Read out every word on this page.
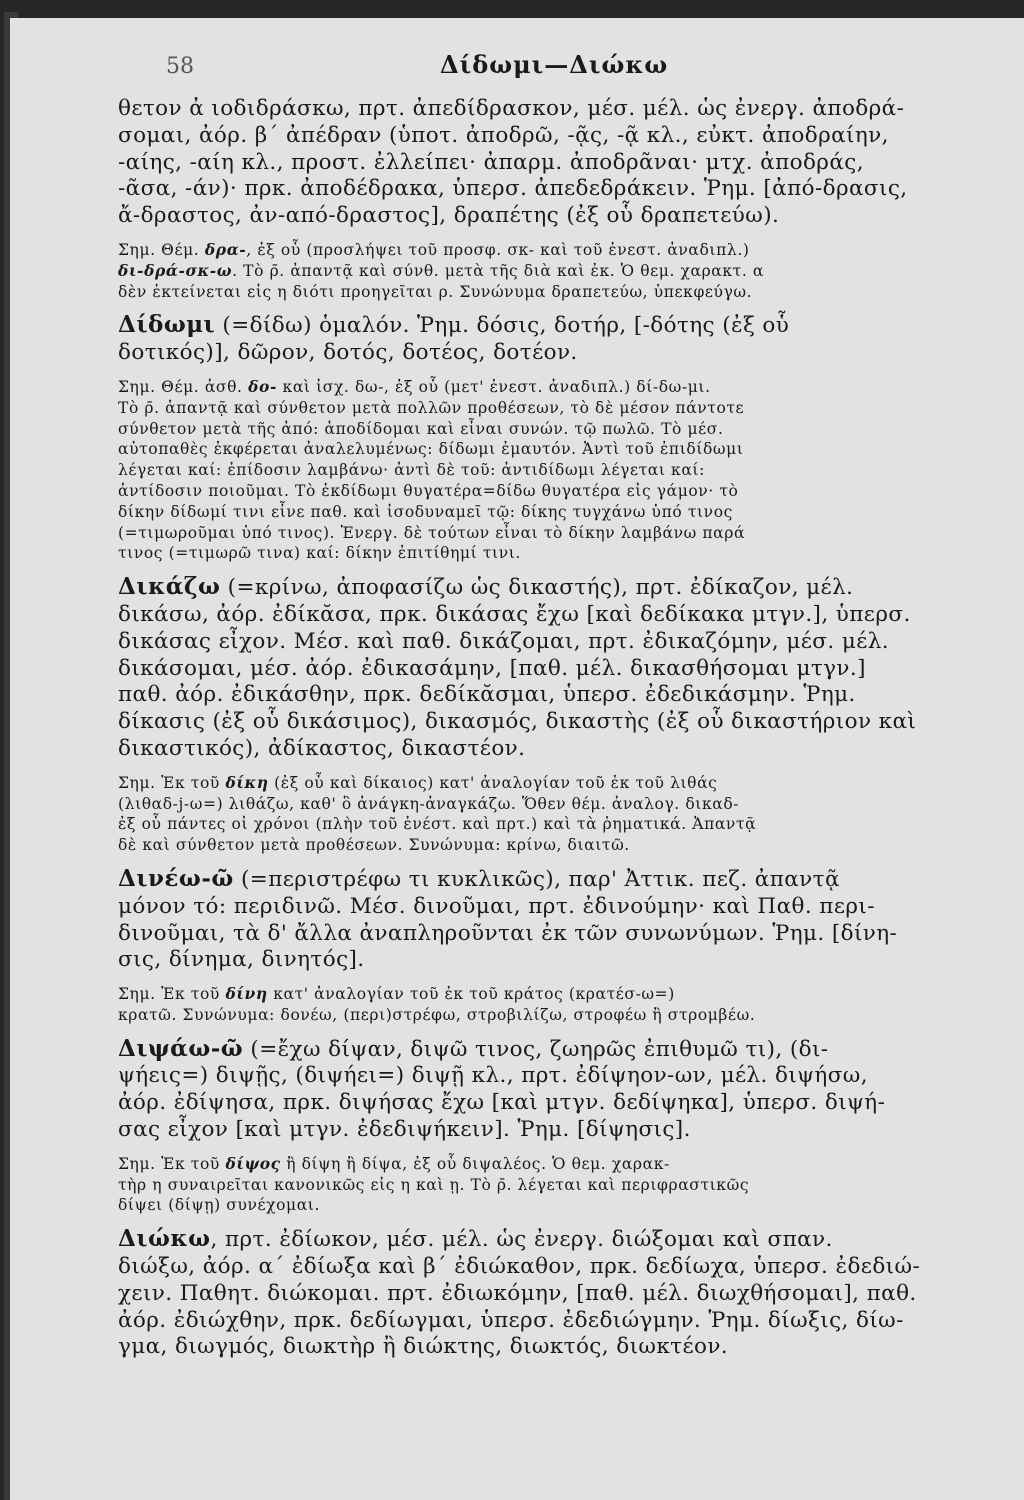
58	Δίδωμι—Διώκω
θετον ἀ ιοδιδράσκω, πρτ. ἀπεδίδρασκον, μέσ. μέλ. ὡς ἐνεργ. ἀποδρά-
σομαι, ἀόρ. β΄ ἀπέδραν (ὑποτ. ἀποδρῶ, -ᾷς, -ᾷ κλ., εὐκτ. ἀποδραίην,
-αίης, -αίη κλ., προστ. ἐλλείπει· ἀπαρμ. ἀποδρᾶναι· μτχ. ἀποδράς,
-ᾶσα, -άν)· πρκ. ἀποδέδρακα, ὑπερσ. ἀπεδεδράκειν. Ῥημ. [ἀπό-δρασις,
ἄ-δραστος, ἀν-από-δραστος], δραπέτης (ἐξ οὗ δραπετεύω).
Σημ. Θέμ. δρα-, ἐξ οὗ (προσλήψει τοῦ προσφ. σκ- καὶ τοῦ ἐνεστ. ἀναδιπλ.)
δι-δρά-σκ-ω. Τὸ ρ̄. ἀπαντᾷ καὶ σύνθ. μετὰ τῆς διὰ καὶ ἐκ. Ὁ θεμ. χαρακτ. α
δὲν ἐκτείνεται εἰς η διότι προηγεῖται ρ. Συνώνυμα δραπετεύω, ὑπεκφεύγω.
Δίδωμι (=δίδω) ὁμαλόν. Ῥημ. δόσις, δοτήρ, [-δότης (ἐξ οὗ
δοτικός)], δῶρον, δοτός, δοτέος, δοτέον.
Σημ. Θέμ. ἀσθ. δο- καὶ ἰσχ. δω-, ἐξ οὗ (μετ' ἐνεστ. ἀναδιπλ.) δί-δω-μι.
Τὸ ρ̄. ἀπαντᾷ καὶ σύνθετον μετὰ πολλῶν προθέσεων, τὸ δὲ μέσον πάντοτε
σύνθετον μετὰ τῆς ἀπό: ἀποδίδομαι καὶ εἶναι συνών. τῷ πωλῶ. Τὸ μέσ.
αὐτοπαθὲς ἐκφέρεται ἀναλελυμένως: δίδωμι ἐμαυτόν. Ἀντὶ τοῦ ἐπιδίδωμι
λέγεται καί: ἐπίδοσιν λαμβάνω· ἀντὶ δὲ τοῦ: ἀντιδίδωμι λέγεται καί:
ἀντίδοσιν ποιοῦμαι. Τὸ ἐκδίδωμι θυγατέρα=δίδω θυγατέρα εἰς γάμον· τὸ
δίκην δίδωμί τινι εἶνε παθ. καὶ ἰσοδυναμεῖ τῷ: δίκης τυγχάνω ὑπό τινος
(=τιμωροῦμαι ὑπό τινος). Ἐνεργ. δὲ τούτων εἶναι τὸ δίκην λαμβάνω παρά
τινος (=τιμωρῶ τινα) καί: δίκην ἐπιτίθημί τινι.
Δικάζω (=κρίνω, ἀποφασίζω ὡς δικαστής), πρτ. ἐδίκαζον, μέλ.
δικάσω, ἀόρ. ἐδίκᾰσα, πρκ. δικάσας ἔχω [καὶ δεδίκακα μτγν.], ὑπερσ.
δικάσας εἶχον. Μέσ. καὶ παθ. δικάζομαι, πρτ. ἐδικαζόμην, μέσ. μέλ.
δικάσομαι, μέσ. ἀόρ. ἐδικασάμην, [παθ. μέλ. δικασθήσομαι μτγν.]
παθ. ἀόρ. ἐδικάσθην, πρκ. δεδίκᾰσμαι, ὑπερσ. ἐδεδικάσμην. Ῥημ.
δίκασις (ἐξ οὗ δικάσιμος), δικασμός, δικαστὴς (ἐξ οὗ δικαστήριον καὶ
δικαστικός), ἀδίκαστος, δικαστέον.
Σημ. Ἐκ τοῦ δίκη (ἐξ οὗ καὶ δίκαιος) κατ' ἀναλογίαν τοῦ ἐκ τοῦ λιθάς
(λιθαδ-j-ω=) λιθάζω, καθ' ὃ ἀνάγκη-ἀναγκάζω. Ὅθεν θέμ. ἀναλογ. δικαδ-
ἐξ οὗ πάντες οἱ χρόνοι (πλὴν τοῦ ἐνέστ. καὶ πρτ.) καὶ τὰ ῥηματικά. Ἀπαντᾷ
δὲ καὶ σύνθετον μετὰ προθέσεων. Συνώνυμα: κρίνω, διαιτῶ.
Δινέω-ῶ (=περιστρέφω τι κυκλικῶς), παρ' Ἀττικ. πεζ. ἀπαντᾷ
μόνον τό: περιδινῶ. Μέσ. δινοῦμαι, πρτ. ἐδινούμην· καὶ Παθ. περι-
δινοῦμαι, τὰ δ' ἄλλα ἀναπληροῦνται ἐκ τῶν συνωνύμων. Ῥημ. [δίνη-
σις, δίνημα, δινητός].
Σημ. Ἐκ τοῦ δίνη κατ' ἀναλογίαν τοῦ ἐκ τοῦ κράτος (κρατέσ-ω=)
κρατῶ. Συνώνυμα: δονέω, (περι)στρέφω, στροβιλίζω, στροφέω ἢ στρομβέω.
Διψάω-ῶ (=ἔχω δίψαν, διψῶ τινος, ζωηρῶς ἐπιθυμῶ τι), (δι-
ψήεις=) διψῇς, (διψήει=) διψῇ κλ., πρτ. ἐδίψηον-ων, μέλ. διψήσω,
ἀόρ. ἐδίψησα, πρκ. διψήσας ἔχω [καὶ μτγν. δεδίψηκα], ὑπερσ. διψή-
σας εἶχον [καὶ μτγν. ἐδεδιψήκειν]. Ῥημ. [δίψησις].
Σημ. Ἐκ τοῦ δίψος ἢ δίψη ἢ δίψα, ἐξ οὗ διψαλέος. Ὁ θεμ. χαρακ-
τὴρ η συναιρεῖται κανονικῶς εἰς η καὶ ῃ. Τὸ ρ̄. λέγεται καὶ περιφραστικῶς
δίψει (δίψῃ) συνέχομαι.
Διώκω, πρτ. ἐδίωκον, μέσ. μέλ. ὡς ἐνεργ. διώξομαι καὶ σπαν.
διώξω, ἀόρ. α΄ ἐδίωξα καὶ β΄ ἐδιώκαθον, πρκ. δεδίωχα, ὑπερσ. ἐδεδιώ-
χειν. Παθητ. διώκομαι. πρτ. ἐδιωκόμην, [παθ. μέλ. διωχθήσομαι], παθ.
ἀόρ. ἐδιώχθην, πρκ. δεδίωγμαι, ὑπερσ. ἐδεδιώγμην. Ῥημ. δίωξις, δίω-
γμα, διωγμός, διωκτὴρ ἢ διώκτης, διωκτός, διωκτέον.
